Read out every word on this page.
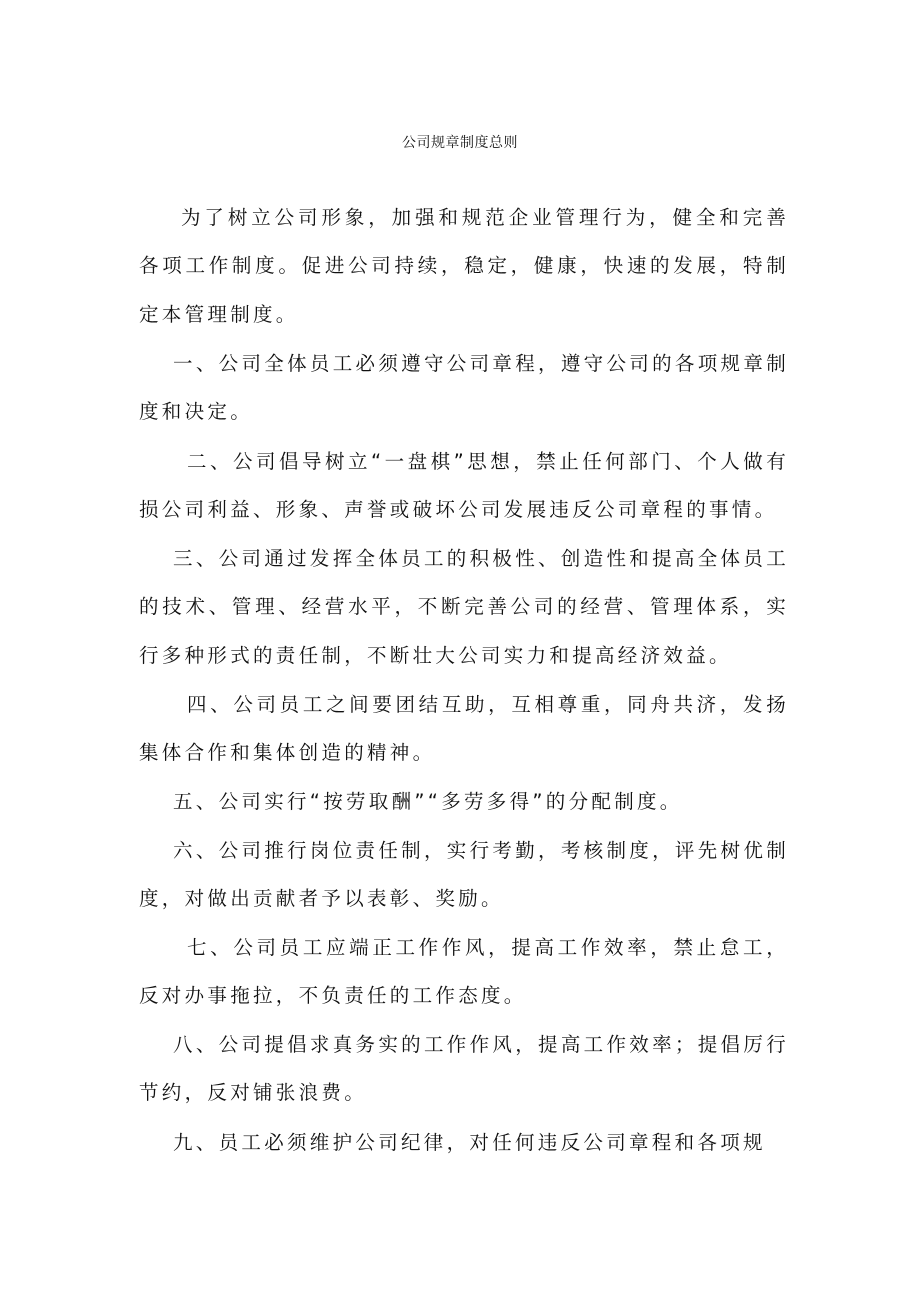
公司规章制度总则

为了树立公司形象，加强和规范企业管理行为，健全和完善各项工作制度。促进公司持续，稳定，健康，快速的发展，特制定本管理制度。

一、公司全体员工必须遵守公司章程，遵守公司的各项规章制度和决定。

二、公司倡导树立“一盘棋”思想，禁止任何部门、个人做有损公司利益、形象、声誉或破坏公司发展违反公司章程的事情。

三、公司通过发挥全体员工的积极性、创造性和提高全体员工的技术、管理、经营水平，不断完善公司的经营、管理体系，实行多种形式的责任制，不断壮大公司实力和提高经济效益。

四、公司员工之间要团结互助，互相尊重，同舟共济，发扬集体合作和集体创造的精神。

五、公司实行“按劳取酬”“多劳多得”的分配制度。

六、公司推行岗位责任制，实行考勤，考核制度，评先树优制度，对做出贡献者予以表彰、奖励。

七、公司员工应端正工作作风，提高工作效率，禁止怠工，反对办事拖拉，不负责任的工作态度。

八、公司提倡求真务实的工作作风，提高工作效率；提倡厉行节约，反对铺张浪费。

九、员工必须维护公司纪律，对任何违反公司章程和各项规
